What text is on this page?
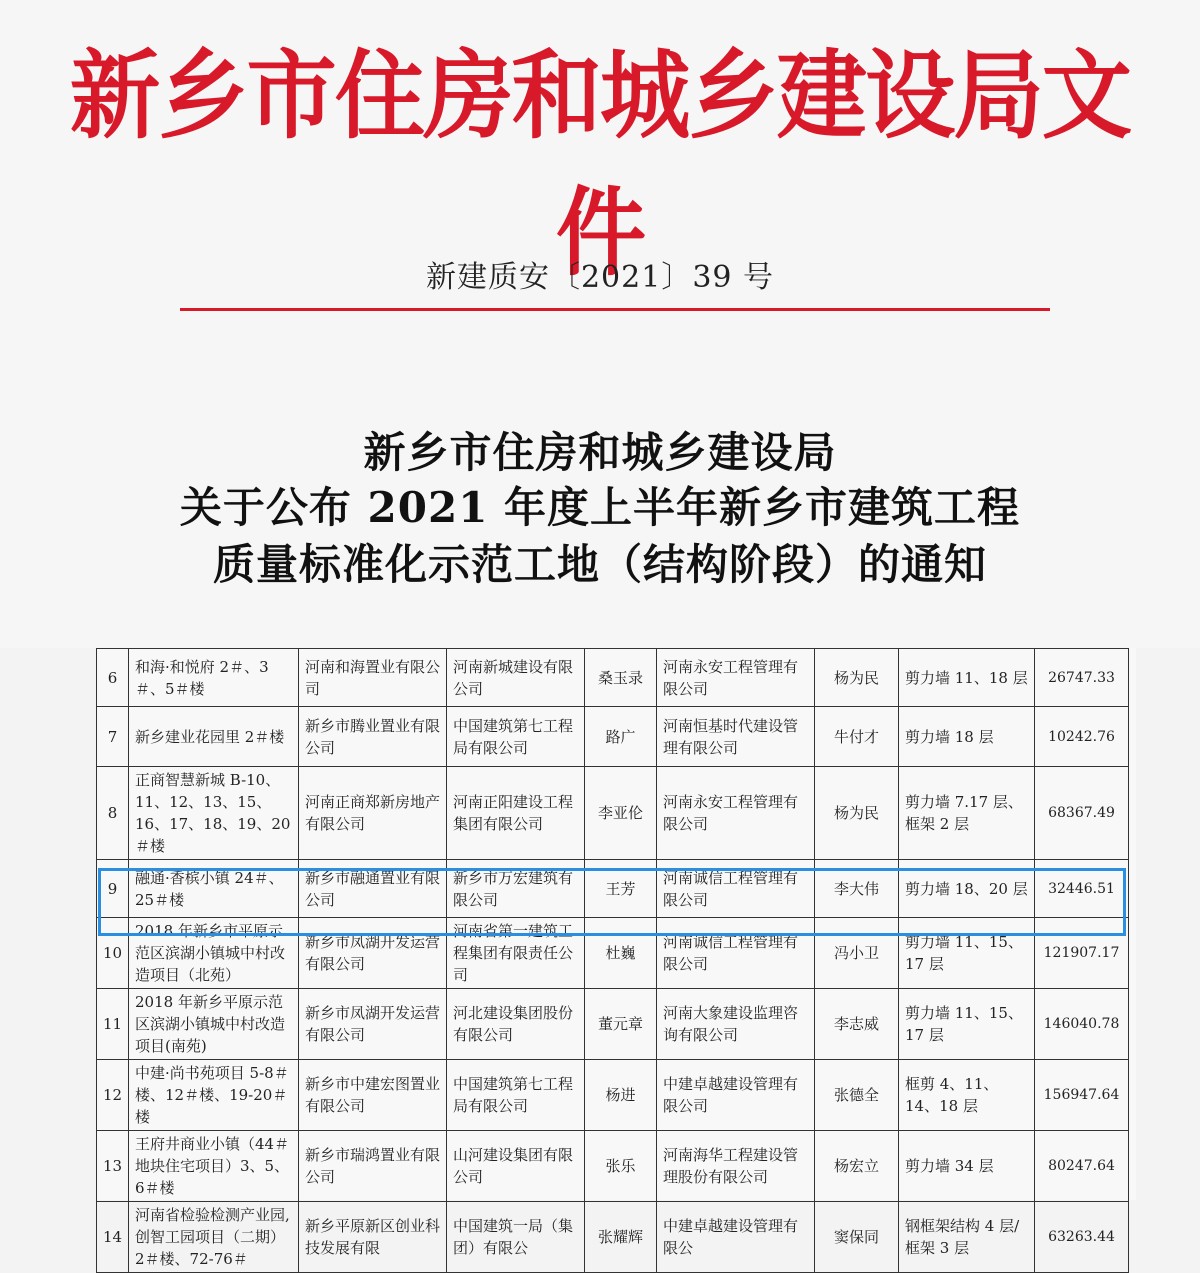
新乡市住房和城乡建设局文件
新建质安〔2021〕39 号
新乡市住房和城乡建设局
关于公布 2021 年度上半年新乡市建筑工程
质量标准化示范工地（结构阶段）的通知
6	和海·和悦府 2＃、3＃、5＃楼	河南和海置业有限公司	河南新城建设有限公司	桑玉录	河南永安工程管理有限公司	杨为民	剪力墙 11、18 层	26747.33
7	新乡建业花园里 2＃楼	新乡市腾业置业有限公司	中国建筑第七工程局有限公司	路广	河南恒基时代建设管理有限公司	牛付才	剪力墙 18 层	10242.76
8	正商智慧新城 B-10、11、12、13、15、16、17、18、19、20＃楼	河南正商郑新房地产有限公司	河南正阳建设工程集团有限公司	李亚伦	河南永安工程管理有限公司	杨为民	剪力墙 7.17 层、框架 2 层	68367.49
9	融通·香槟小镇 24＃、25＃楼	新乡市融通置业有限公司	新乡市万宏建筑有限公司	王芳	河南诚信工程管理有限公司	李大伟	剪力墙 18、20 层	32446.51
10	2018 年新乡市平原示范区滨湖小镇城中村改造项目（北苑）	新乡市凤湖开发运营有限公司	河南省第一建筑工程集团有限责任公司	杜巍	河南诚信工程管理有限公司	冯小卫	剪力墙 11、15、17 层	121907.17
11	2018 年新乡平原示范区滨湖小镇城中村改造项目(南苑)	新乡市凤湖开发运营有限公司	河北建设集团股份有限公司	董元章	河南大象建设监理咨询有限公司	李志威	剪力墙 11、15、17 层	146040.78
12	中建·尚书苑项目 5-8＃楼、12＃楼、19-20＃楼	新乡市中建宏图置业有限公司	中国建筑第七工程局有限公司	杨进	中建卓越建设管理有限公司	张德全	框剪 4、11、14、18 层	156947.64
13	王府井商业小镇（44＃地块住宅项目）3、5、6＃楼	新乡市瑞鸿置业有限公司	山河建设集团有限公司	张乐	河南海华工程建设管理股份有限公司	杨宏立	剪力墙 34 层	80247.64
14	河南省检验检测产业园,创智工园项目（二期）2＃楼、72-76＃	新乡平原新区创业科技发展有限	中国建筑一局（集团）有限公	张耀辉	中建卓越建设管理有限公	窦保同	钢框架结构 4 层/框架 3 层	63263.44
